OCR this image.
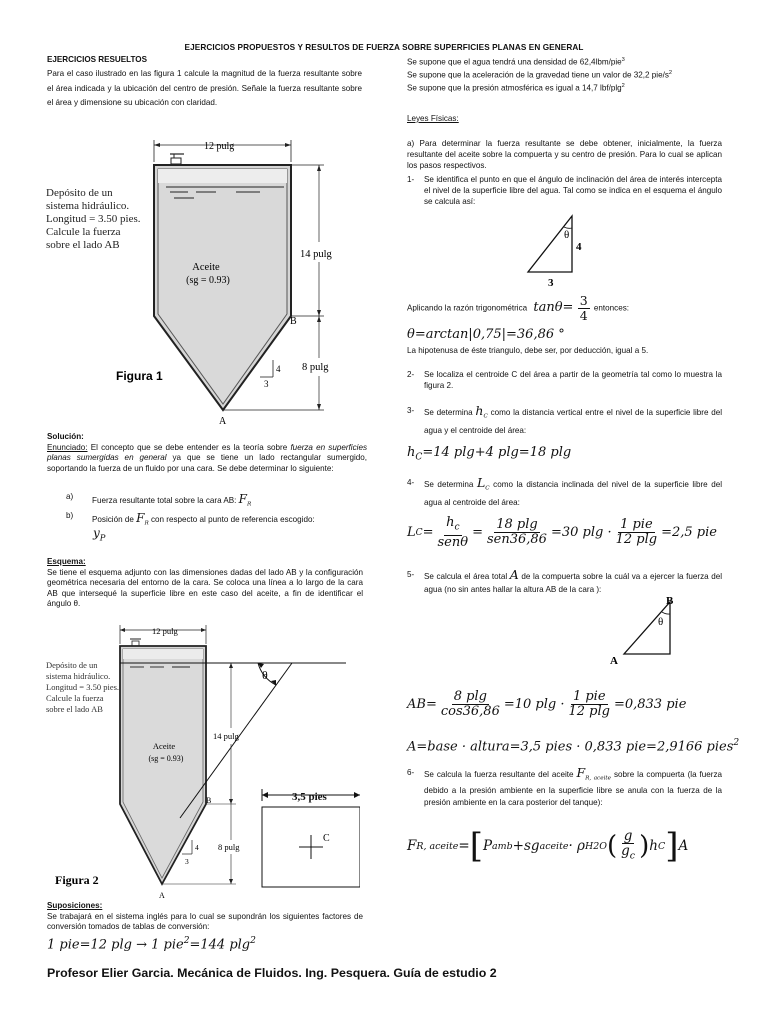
EJERCICIOS PROPUESTOS Y RESULTOS DE FUERZA SOBRE SUPERFICIES PLANAS EN GENERAL
EJERCICIOS RESUELTOS

Para el caso ilustrado en las figura 1 calcule la magnitud de la fuerza resultante sobre el área indicada y la ubicación del centro de presión. Señale la fuerza resultante sobre el área y dimensione su ubicación con claridad.

12 pulg
Depósito de un
sistema hidráulico.
Longitud = 3.50 pies.
Calcule la fuerza
sobre el lado AB
Aceite
(sg = 0.93)
14 pulg
8 pulg
B
A
4
3
Figura 1
Solución:
Enunciado: El concepto que se debe entender es la teoría sobre fuerza en superficies planas sumergidas en general ya que se tiene un lado rectangular sumergido, soportando la fuerza de un fluido por una cara. Se debe determinar lo siguiente:
a) Fuerza resultante total sobre la cara AB: $F_R$
b) Posición de $F_R$ con respecto al punto de referencia escogido:
$y_P$
Esquema:
Se tiene el esquema adjunto con las dimensiones dadas del lado AB y la configuración geométrica necesaria del entorno de la cara. Se coloca una línea a lo largo de la cara AB que intersequé la superficie libre en este caso del aceite, a fin de identificar el ángulo θ.
12 pulg
θ
Depósito de un
sistema hidráulico.
Longitud = 3.50 pies.
Calcule la fuerza
sobre el lado AB
Aceite
(sg = 0.93)
14 pulg
8 pulg
B
A
4
3
Figura 2
3,5 pies
C
Suposiciones:
Se trabajará en el sistema inglés para lo cual se supondrán los siguientes factores de conversión tomados de tablas de conversión:
1 pie=12 plg → 1 pie$^2$=144 plg$^2$
Se supone que el agua tendrá una densidad de 62,4lbm/pie$^3$
Se supone que la aceleración de la gravedad tiene un valor de 32,2 pie/$s^2$
Se supone que la presión atmosférica es igual a 14,7 lbf/plg$^2$
Leyes Físicas:

a) Para determinar la fuerza resultante se debe obtener, inicialmente, la fuerza resultante del aceite sobre la compuerta y su centro de presión. Para lo cual se aplican los pasos respectivos.

1- Se identifica el punto en que el ángulo de inclinación del área de interés intercepta el nivel de la superficie libre del agua. Tal como se indica en el esquema el ángulo se calcula así:
θ
4
3
Aplicando la razón trigonométrica $\tan\theta= \frac{3}{4}$ entonces:
θ=arctan|0,75|=36,86 °
La hipotenusa de éste triangulo, debe ser, por deducción, igual a 5.
2- Se localiza el centroide C del área a partir de la geometría tal como lo muestra la figura 2.
3- Se determina $h_C$ como la distancia vertical entre el nivel de la superficie libre del agua y el centroide del área:
$h_C=14$ plg+4 plg=18 plg
4- Se determina $L_C$ como la distancia inclinada del nivel de la superficie libre del agua al centroide del área:
L $C = \frac{h_c}{\text{senθ}} = \frac{18 plg}{\text{sen36,86}} =30$ $plg \cdot \frac{\text{1 pie}}{12 plg} =2,5$ pie
5- Se calcula el área total A de la compuerta sobre la cuál va a ejercer la fuerza del agua (no sin antes hallar la altura AB de la cara ):
θ
B
A
$AB= \frac{8 plg}{\cos 36,86} =10$ $plg \cdot \frac{\text{1 pie}}{12 plg} =0,833$ pie
A=base · altura=3,5 pies · 0,833 pie=2,9166 pies$^2$
6- Se calcula la fuerza resultante del aceite $F_{R, aceite}$ sobre la compuerta (la fuerza debido a la presión ambiente en la superficie libre se anula con la fuerza de la presión ambiente en la cara posterior del tanque):
F R, aceite = [ P amb +sg aceite · ρ H2O ( $\frac{g}{g_c}$ ) h C ] A
Profesor Elier Garcia. Mecánica de Fluidos. Ing. Pesquera. Guía de estudio 2
